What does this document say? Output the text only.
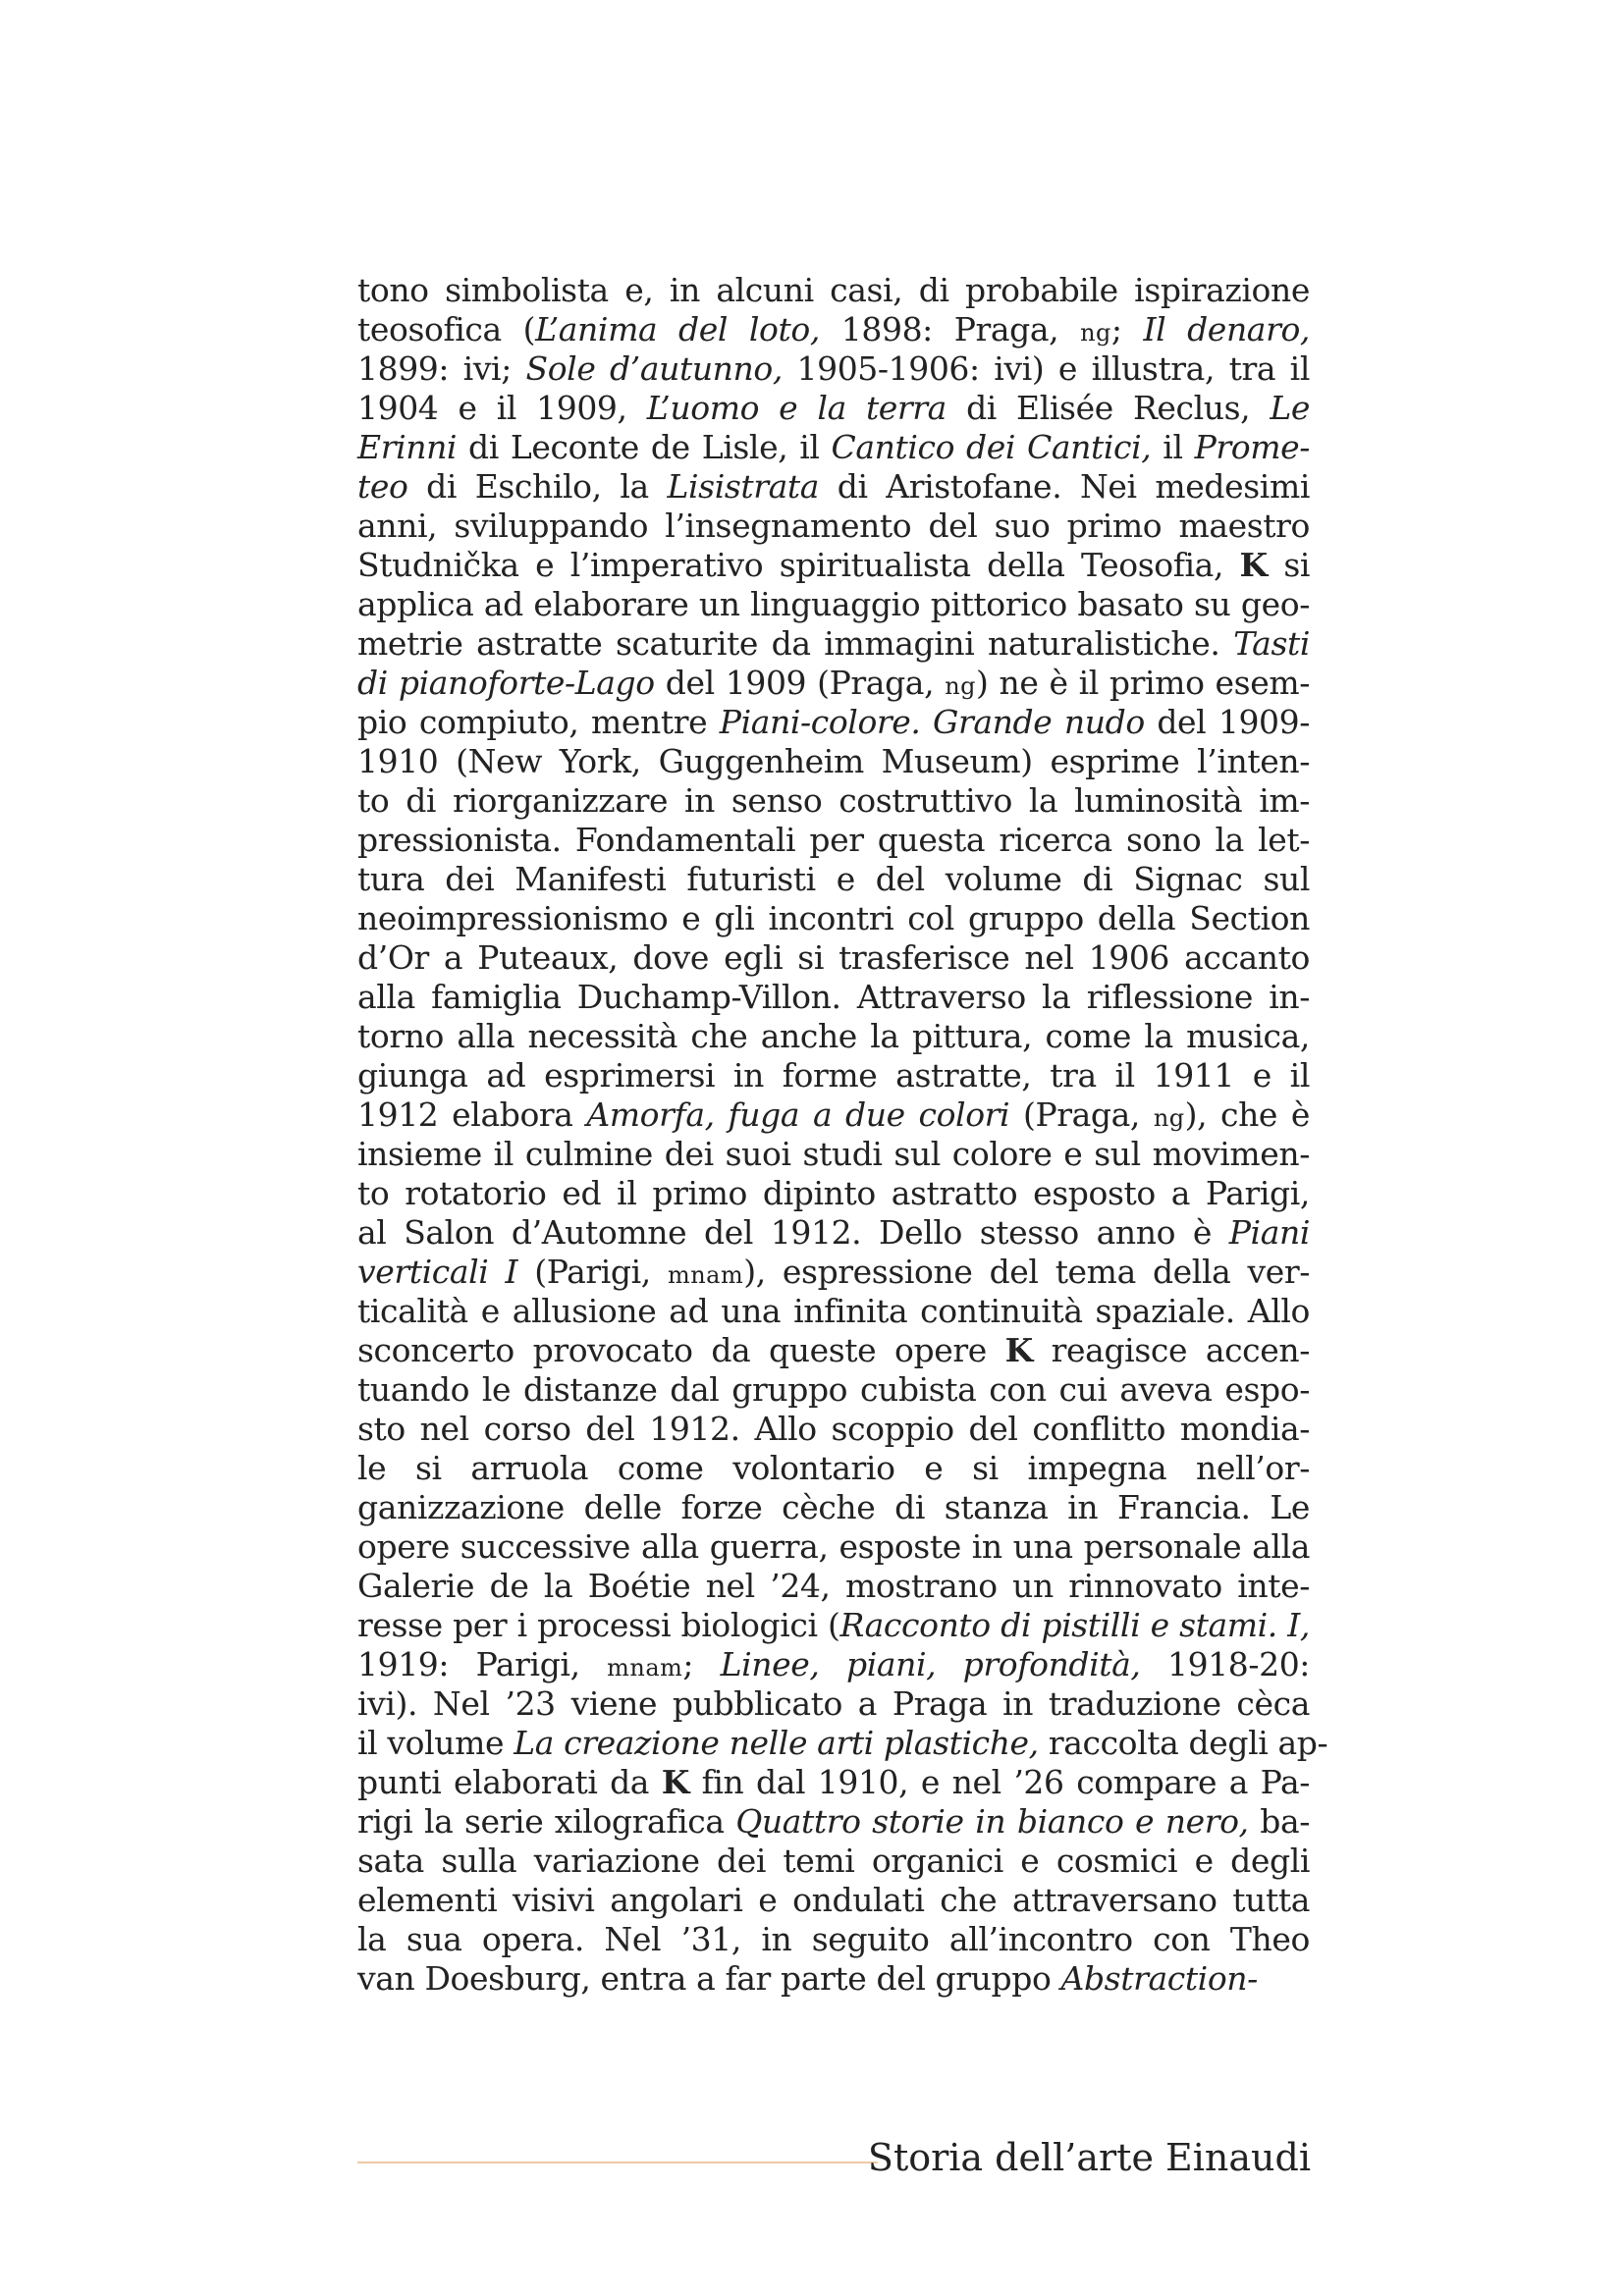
tono simbolista e, in alcuni casi, di probabile ispirazione
teosofica (L’anima del loto, 1898: Praga, ng; Il denaro,
1899: ivi; Sole d’autunno, 1905-1906: ivi) e illustra, tra il
1904 e il 1909, L’uomo e la terra di Elisée Reclus, Le
Erinni di Leconte de Lisle, il Cantico dei Cantici, il Prome-
teo di Eschilo, la Lisistrata di Aristofane. Nei medesimi
anni, sviluppando l’insegnamento del suo primo maestro
Studnička e l’imperativo spiritualista della Teosofia, K si
applica ad elaborare un linguaggio pittorico basato su geo-
metrie astratte scaturite da immagini naturalistiche. Tasti
di pianoforte-Lago del 1909 (Praga, ng) ne è il primo esem-
pio compiuto, mentre Piani-colore. Grande nudo del 1909-
1910 (New York, Guggenheim Museum) esprime l’inten-
to di riorganizzare in senso costruttivo la luminosità im-
pressionista. Fondamentali per questa ricerca sono la let-
tura dei Manifesti futuristi e del volume di Signac sul
neoimpressionismo e gli incontri col gruppo della Section
d’Or a Puteaux, dove egli si trasferisce nel 1906 accanto
alla famiglia Duchamp-Villon. Attraverso la riflessione in-
torno alla necessità che anche la pittura, come la musica,
giunga ad esprimersi in forme astratte, tra il 1911 e il
1912 elabora Amorfa, fuga a due colori (Praga, ng), che è
insieme il culmine dei suoi studi sul colore e sul movimen-
to rotatorio ed il primo dipinto astratto esposto a Parigi,
al Salon d’Automne del 1912. Dello stesso anno è Piani
verticali I (Parigi, mnam), espressione del tema della ver-
ticalità e allusione ad una infinita continuità spaziale. Allo
sconcerto provocato da queste opere K reagisce accen-
tuando le distanze dal gruppo cubista con cui aveva espo-
sto nel corso del 1912. Allo scoppio del conflitto mondia-
le si arruola come volontario e si impegna nell’or-
ganizzazione delle forze cèche di stanza in Francia. Le
opere successive alla guerra, esposte in una personale alla
Galerie de la Boétie nel ’24, mostrano un rinnovato inte-
resse per i processi biologici (Racconto di pistilli e stami. I,
1919: Parigi, mnam; Linee, piani, profondità, 1918-20:
ivi). Nel ’23 viene pubblicato a Praga in traduzione cèca
il volume La creazione nelle arti plastiche, raccolta degli ap-
punti elaborati da K fin dal 1910, e nel ’26 compare a Pa-
rigi la serie xilografica Quattro storie in bianco e nero, ba-
sata sulla variazione dei temi organici e cosmici e degli
elementi visivi angolari e ondulati che attraversano tutta
la sua opera. Nel ’31, in seguito all’incontro con Theo
van Doesburg, entra a far parte del gruppo Abstraction-
Storia dell’arte Einaudi
